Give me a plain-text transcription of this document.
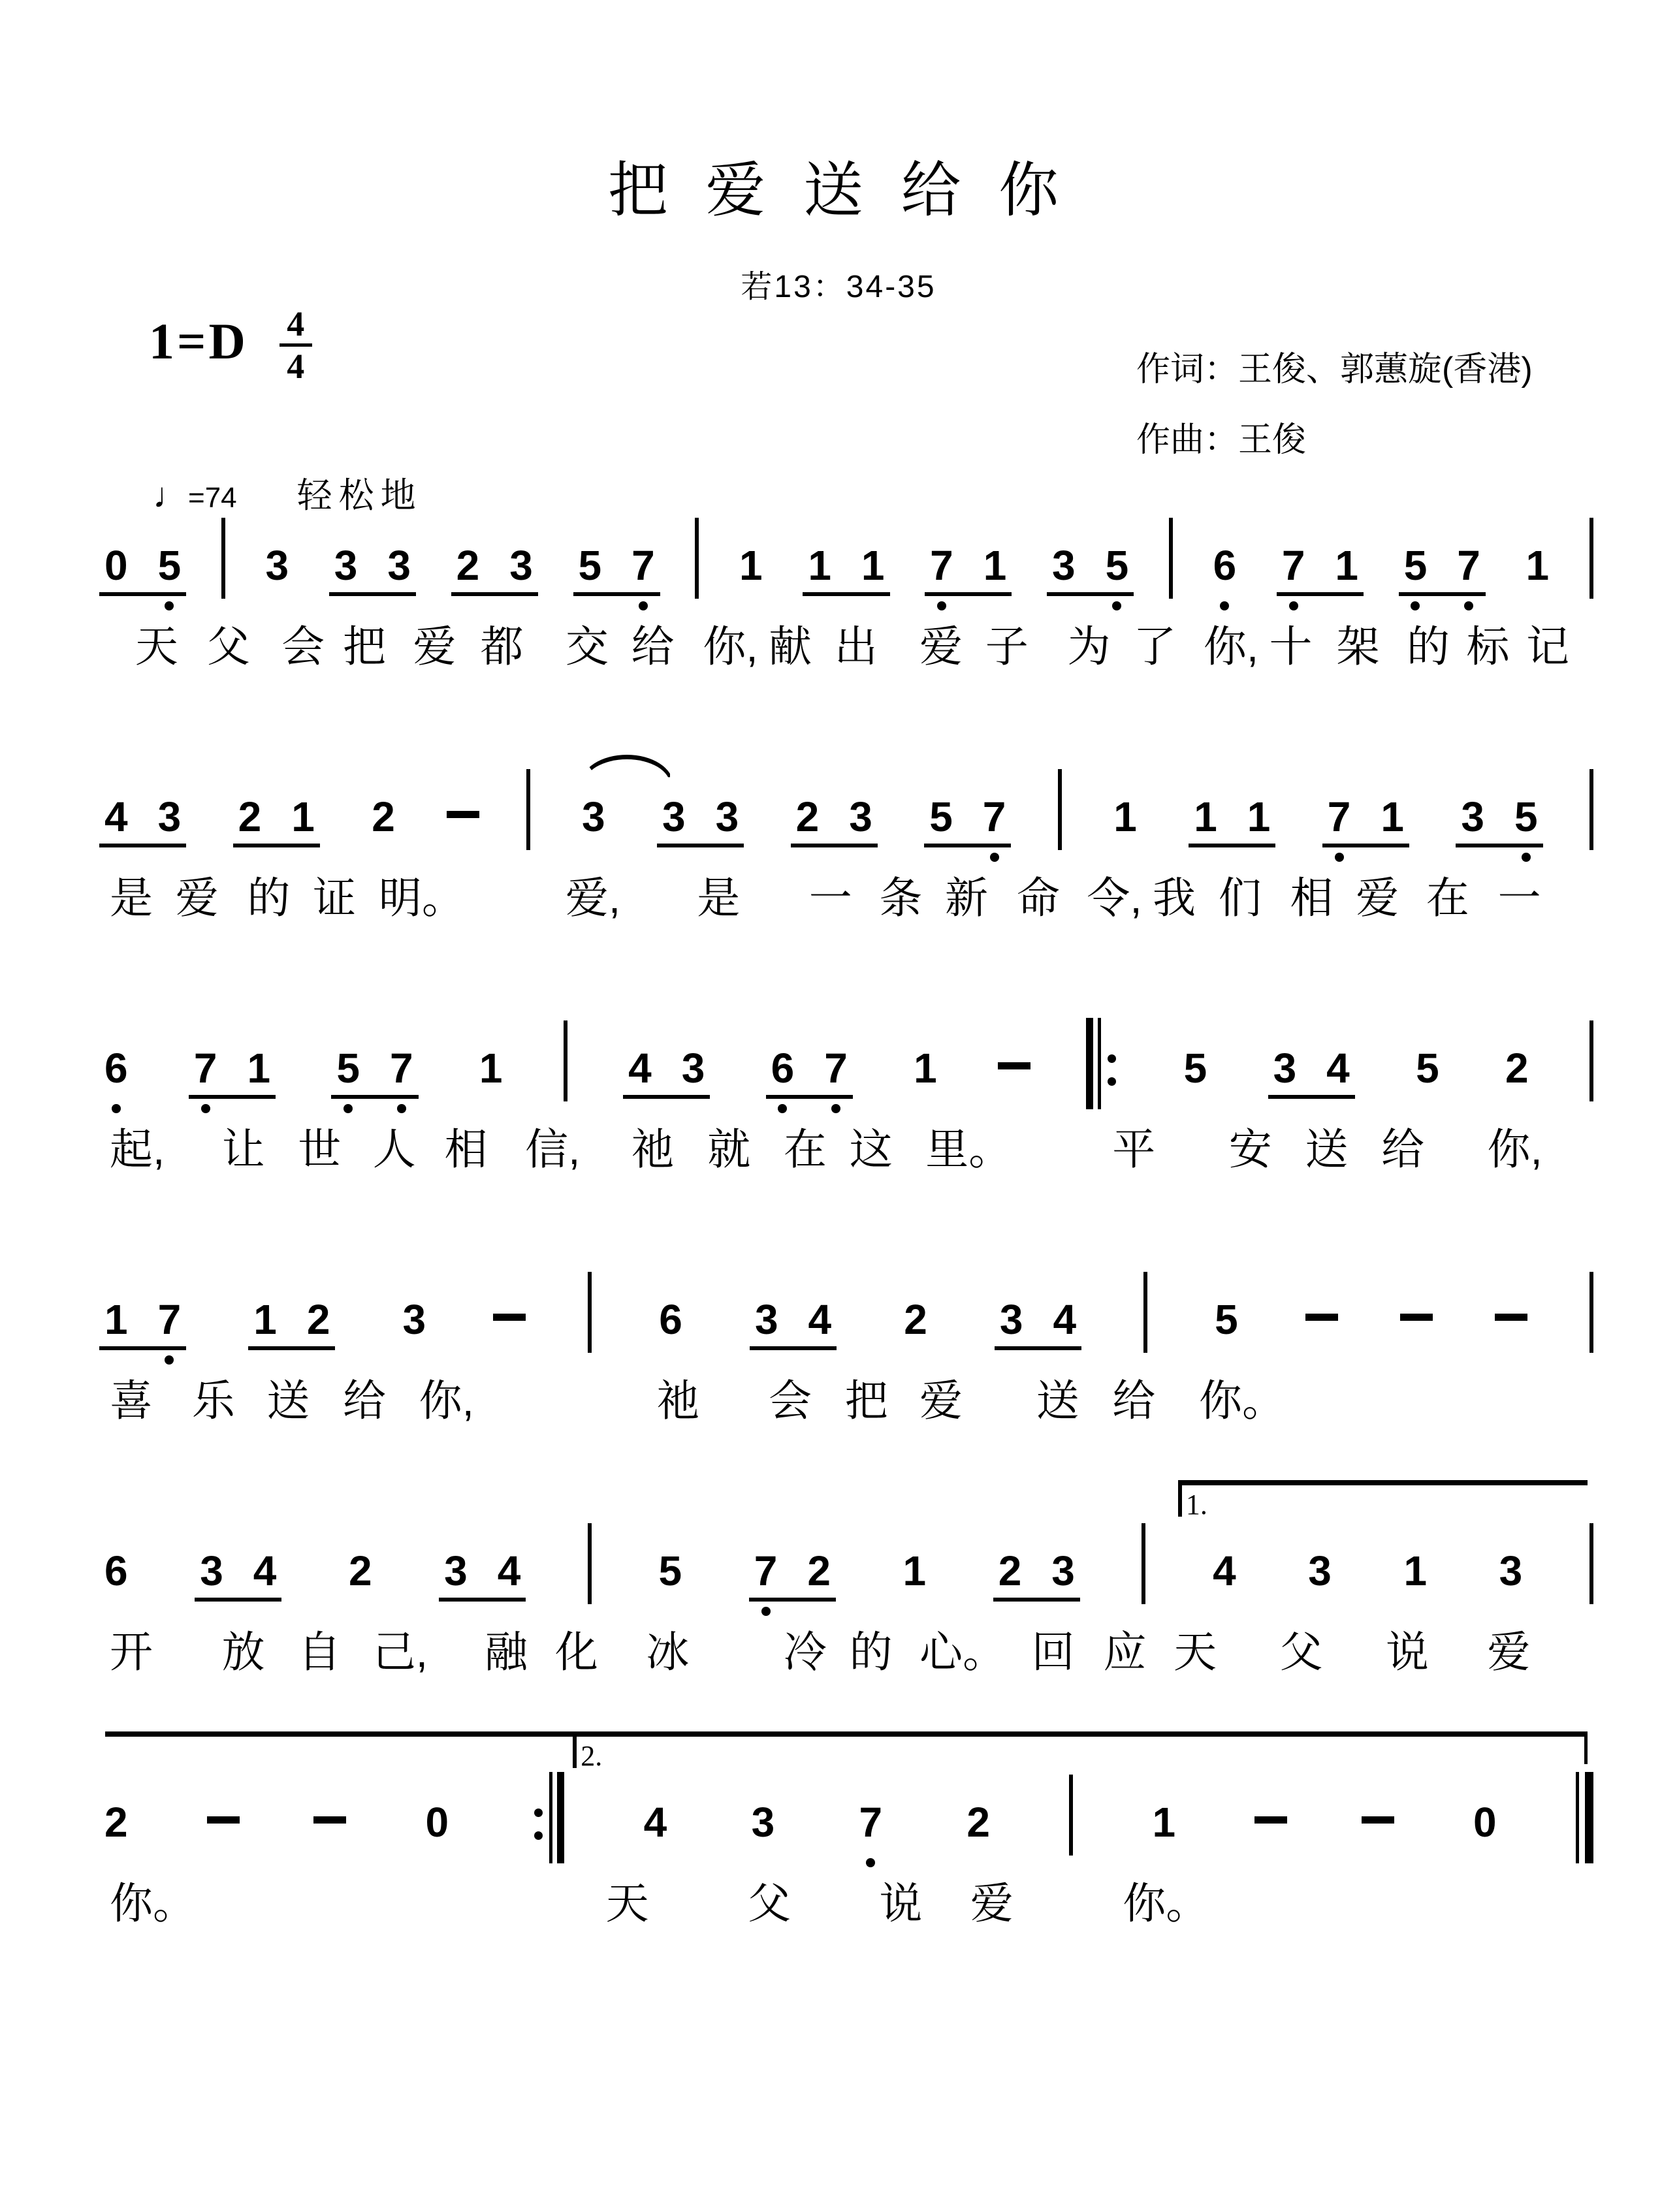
把 爱 送 给 你
若13：34-35
1=D 4
4	作词：王俊、郭蕙旋(香港)
作曲：王俊
♩ =74 轻松地
0 5 3 3 3 2 3 5 7 1 1 1 7 1 3 5 6 7 1 5 7 1
天 父 会 把 爱 都 交 给 你, 献 出 爱 子 为 了 你, 十 架 的 标 记
4 3 2 1 2	3 3 3 2 3 5 7	1 1 1 7 1 3 5
是 爱 的 证 明。 爱, 是 一 条 新 命 令, 我 们 相 爱 在 一
6 7 1 5 7 1	4 3 6 7 1	5 3 4 5 2
起, 让 世 人 相 信, 祂 就 在 这 里。 平 安 送 给 你,
1 7 1 2 3	6 3 4 2 3 4	5
喜 乐 送 给 你,	祂 会 把 爱 送 给 你。
1.
6 3 4 2 3 4	5 7 2 1 2 3	4 3 1 3
开 放 自 己, 融 化 冰 冷 的 心。 回 应 天 父 说 爱
2.
2	0	4 3 7 2	1	0
你。	天 父 说 爱	你。
